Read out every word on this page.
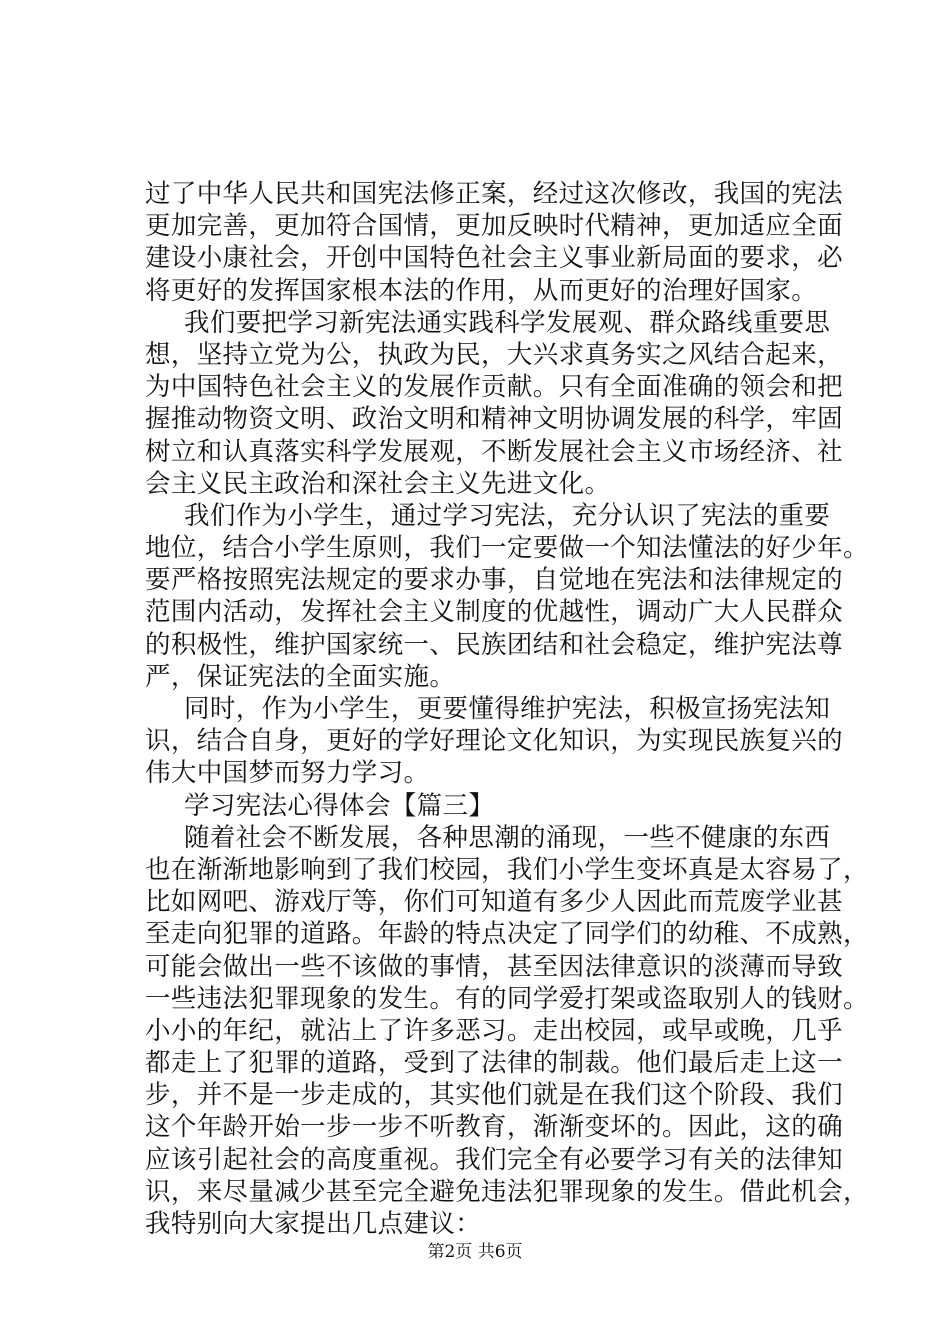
过了中华人民共和国宪法修正案，经过这次修改，我国的宪法
更加完善，更加符合国情，更加反映时代精神，更加适应全面
建设小康社会，开创中国特色社会主义事业新局面的要求，必
将更好的发挥国家根本法的作用，从而更好的治理好国家。
我们要把学习新宪法通实践科学发展观、群众路线重要思
想，坚持立党为公，执政为民，大兴求真务实之风结合起来，
为中国特色社会主义的发展作贡献。只有全面准确的领会和把
握推动物资文明、政治文明和精神文明协调发展的科学，牢固
树立和认真落实科学发展观，不断发展社会主义市场经济、社
会主义民主政治和深社会主义先进文化。
我们作为小学生，通过学习宪法，充分认识了宪法的重要
地位，结合小学生原则，我们一定要做一个知法懂法的好少年。
要严格按照宪法规定的要求办事，自觉地在宪法和法律规定的
范围内活动，发挥社会主义制度的优越性，调动广大人民群众
的积极性，维护国家统一、民族团结和社会稳定，维护宪法尊
严，保证宪法的全面实施。
同时，作为小学生，更要懂得维护宪法，积极宣扬宪法知
识，结合自身，更好的学好理论文化知识，为实现民族复兴的
伟大中国梦而努力学习。
学习宪法心得体会【篇三】
随着社会不断发展，各种思潮的涌现，一些不健康的东西
也在渐渐地影响到了我们校园，我们小学生变坏真是太容易了，
比如网吧、游戏厅等，你们可知道有多少人因此而荒废学业甚
至走向犯罪的道路。年龄的特点决定了同学们的幼稚、不成熟，
可能会做出一些不该做的事情，甚至因法律意识的淡薄而导致
一些违法犯罪现象的发生。有的同学爱打架或盗取别人的钱财。
小小的年纪，就沾上了许多恶习。走出校园，或早或晚，几乎
都走上了犯罪的道路，受到了法律的制裁。他们最后走上这一
步，并不是一步走成的，其实他们就是在我们这个阶段、我们
这个年龄开始一步一步不听教育，渐渐变坏的。因此，这的确
应该引起社会的高度重视。我们完全有必要学习有关的法律知
识，来尽量减少甚至完全避免违法犯罪现象的发生。借此机会，
我特别向大家提出几点建议：
第2页 共6页
